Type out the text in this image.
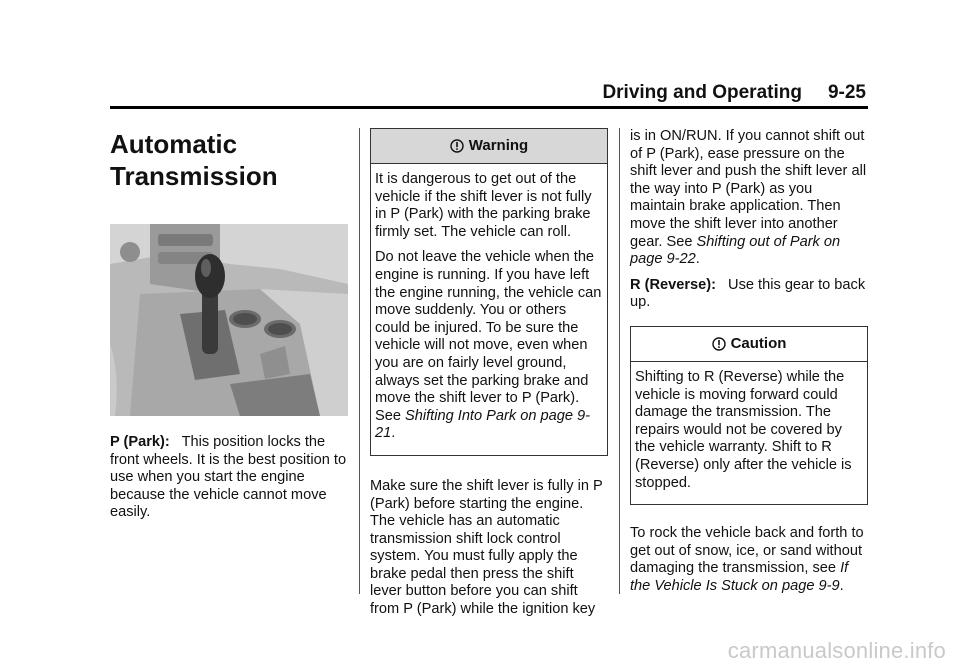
Driving and Operating 9-25
Automatic
Transmission

P (Park): This position locks the front wheels. It is the best position to use when you start the engine because the vehicle cannot move easily.

Warning

It is dangerous to get out of the vehicle if the shift lever is not fully in P (Park) with the parking brake firmly set. The vehicle can roll.

Do not leave the vehicle when the engine is running. If you have left the engine running, the vehicle can move suddenly. You or others could be injured. To be sure the vehicle will not move, even when you are on fairly level ground, always set the parking brake and move the shift lever to P (Park). See Shifting Into Park on page 9-21.

Make sure the shift lever is fully in P (Park) before starting the engine. The vehicle has an automatic transmission shift lock control system. You must fully apply the brake pedal then press the shift lever button before you can shift from P (Park) while the ignition key

is in ON/RUN. If you cannot shift out of P (Park), ease pressure on the shift lever and push the shift lever all the way into P (Park) as you maintain brake application. Then move the shift lever into another gear. See Shifting out of Park on page 9-22.

R (Reverse): Use this gear to back up.

Caution

Shifting to R (Reverse) while the vehicle is moving forward could damage the transmission. The repairs would not be covered by the vehicle warranty. Shift to R (Reverse) only after the vehicle is stopped.

To rock the vehicle back and forth to get out of snow, ice, or sand without damaging the transmission, see If the Vehicle Is Stuck on page 9-9.

carmanualsonline.info
